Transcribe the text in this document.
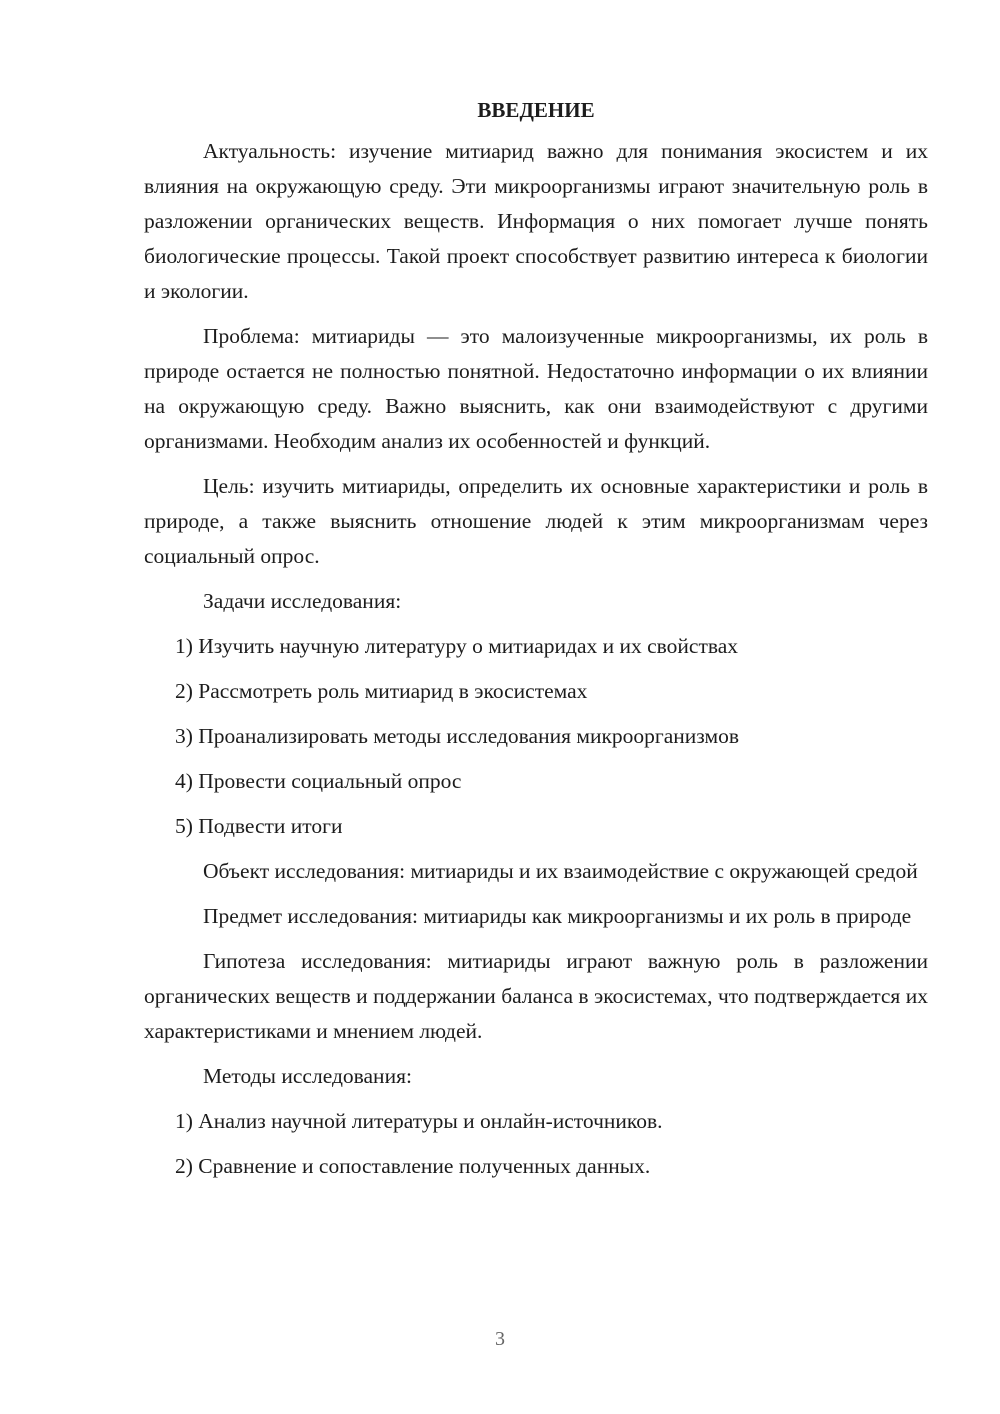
ВВЕДЕНИЕ

Актуальность: изучение митиарид важно для понимания экосистем и их влияния на окружающую среду. Эти микроорганизмы играют значительную роль в разложении органических веществ. Информация о них помогает лучше понять биологические процессы. Такой проект способствует развитию интереса к биологии и экологии.

Проблема: митиариды — это малоизученные микроорганизмы, их роль в природе остается не полностью понятной. Недостаточно информации о их влиянии на окружающую среду. Важно выяснить, как они взаимодействуют с другими организмами. Необходим анализ их особенностей и функций.

Цель: изучить митиариды, определить их основные характеристики и роль в природе, а также выяснить отношение людей к этим микроорганизмам через социальный опрос.

Задачи исследования:

1) Изучить научную литературу о митиаридах и их свойствах
2) Рассмотреть роль митиарид в экосистемах
3) Проанализировать методы исследования микроорганизмов
4) Провести социальный опрос
5) Подвести итоги

Объект исследования: митиариды и их взаимодействие с окружающей средой

Предмет исследования: митиариды как микроорганизмы и их роль в природе

Гипотеза исследования: митиариды играют важную роль в разложении органических веществ и поддержании баланса в экосистемах, что подтверждается их характеристиками и мнением людей.

Методы исследования:

1) Анализ научной литературы и онлайн-источников.
2) Сравнение и сопоставление полученных данных.
3
